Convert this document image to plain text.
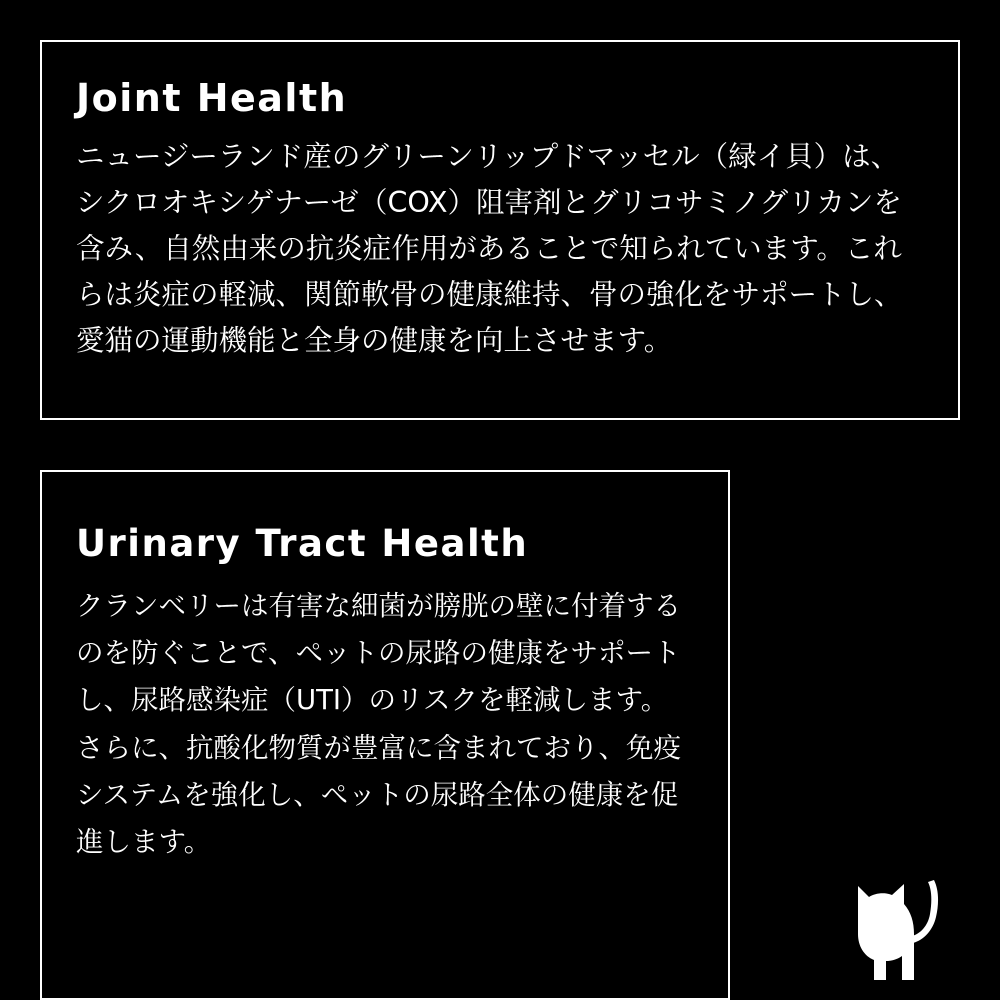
Joint Health

ニュージーランド産のグリーンリップドマッセル（緑イ貝）は、シクロオキシゲナーゼ（COX）阻害剤とグリコサミノグリカンを含み、自然由来の抗炎症作用があることで知られています。これらは炎症の軽減、関節軟骨の健康維持、骨の強化をサポートし、愛猫の運動機能と全身の健康を向上させます。

Urinary Tract Health

クランベリーは有害な細菌が膀胱の壁に付着するのを防ぐことで、ペットの尿路の健康をサポートし、尿路感染症（UTI）のリスクを軽減します。さらに、抗酸化物質が豊富に含まれており、免疫システムを強化し、ペットの尿路全体の健康を促進します。
